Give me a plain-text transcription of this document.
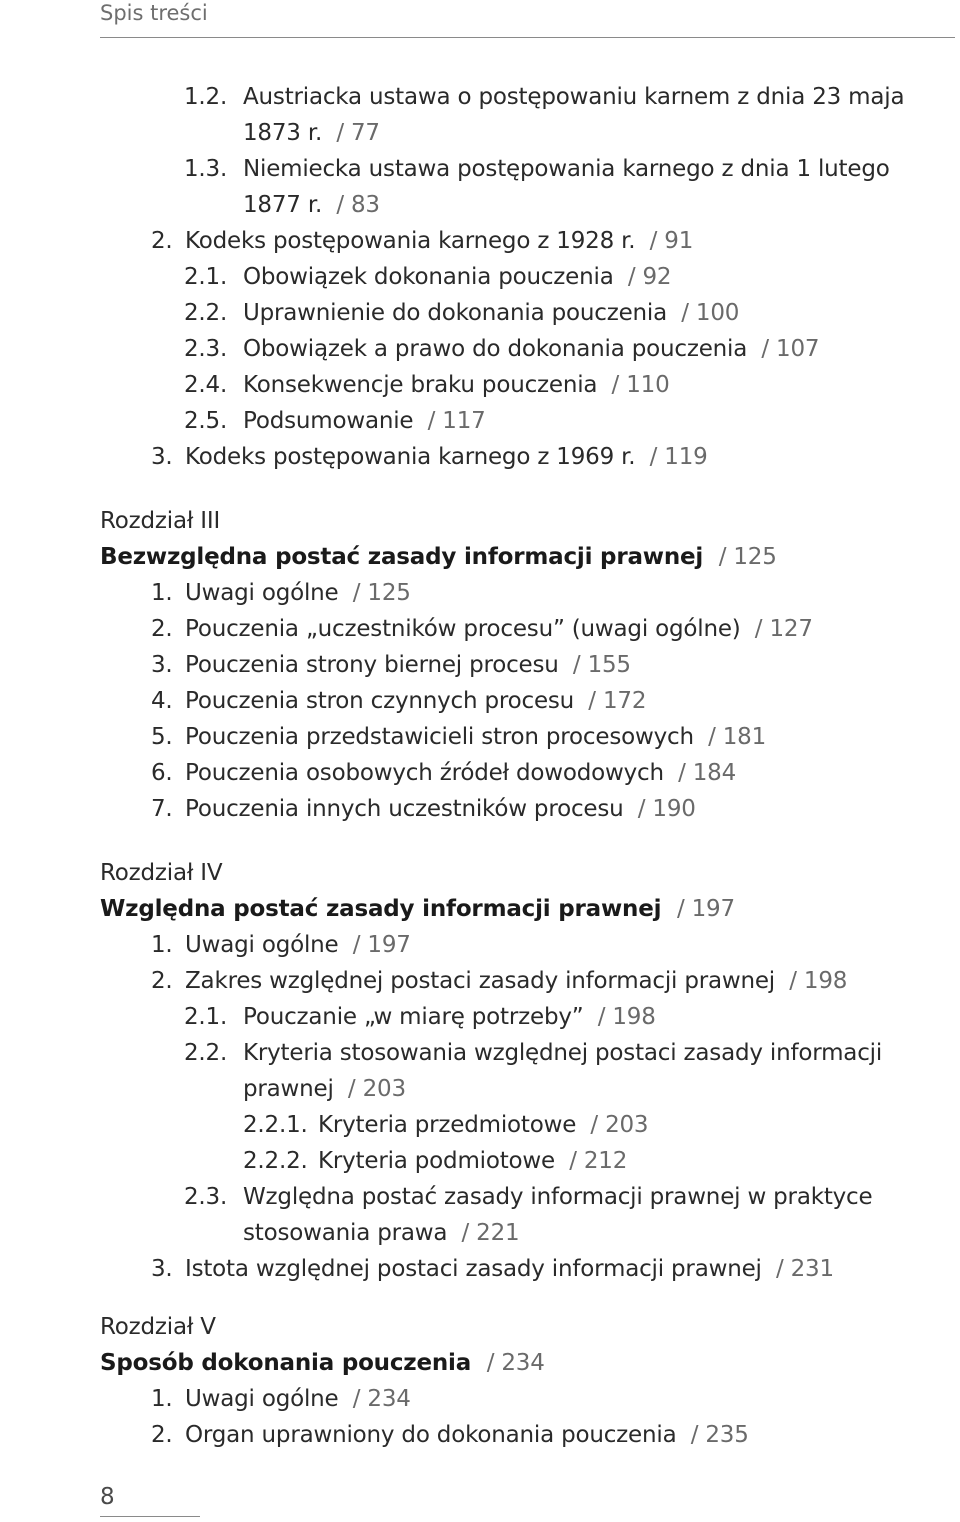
Spis treści
1.2. Austriacka ustawa o postępowaniu karnem z dnia 23 maja
1873 r. / 77
1.3. Niemiecka ustawa postępowania karnego z dnia 1 lutego
1877 r. / 83
2. Kodeks postępowania karnego z 1928 r. / 91
2.1. Obowiązek dokonania pouczenia / 92
2.2. Uprawnienie do dokonania pouczenia / 100
2.3. Obowiązek a prawo do dokonania pouczenia / 107
2.4. Konsekwencje braku pouczenia / 110
2.5. Podsumowanie / 117
3. Kodeks postępowania karnego z 1969 r. / 119
Rozdział III
Bezwzględna postać zasady informacji prawnej / 125
1. Uwagi ogólne / 125
2. Pouczenia „uczestników procesu” (uwagi ogólne) / 127
3. Pouczenia strony biernej procesu / 155
4. Pouczenia stron czynnych procesu / 172
5. Pouczenia przedstawicieli stron procesowych / 181
6. Pouczenia osobowych źródeł dowodowych / 184
7. Pouczenia innych uczestników procesu / 190
Rozdział IV
Względna postać zasady informacji prawnej / 197
1. Uwagi ogólne / 197
2. Zakres względnej postaci zasady informacji prawnej / 198
2.1. Pouczanie „w miarę potrzeby” / 198
2.2. Kryteria stosowania względnej postaci zasady informacji
prawnej / 203
2.2.1. Kryteria przedmiotowe / 203
2.2.2. Kryteria podmiotowe / 212
2.3. Względna postać zasady informacji prawnej w praktyce
stosowania prawa / 221
3. Istota względnej postaci zasady informacji prawnej / 231
Rozdział V
Sposób dokonania pouczenia / 234
1. Uwagi ogólne / 234
2. Organ uprawniony do dokonania pouczenia / 235
8
